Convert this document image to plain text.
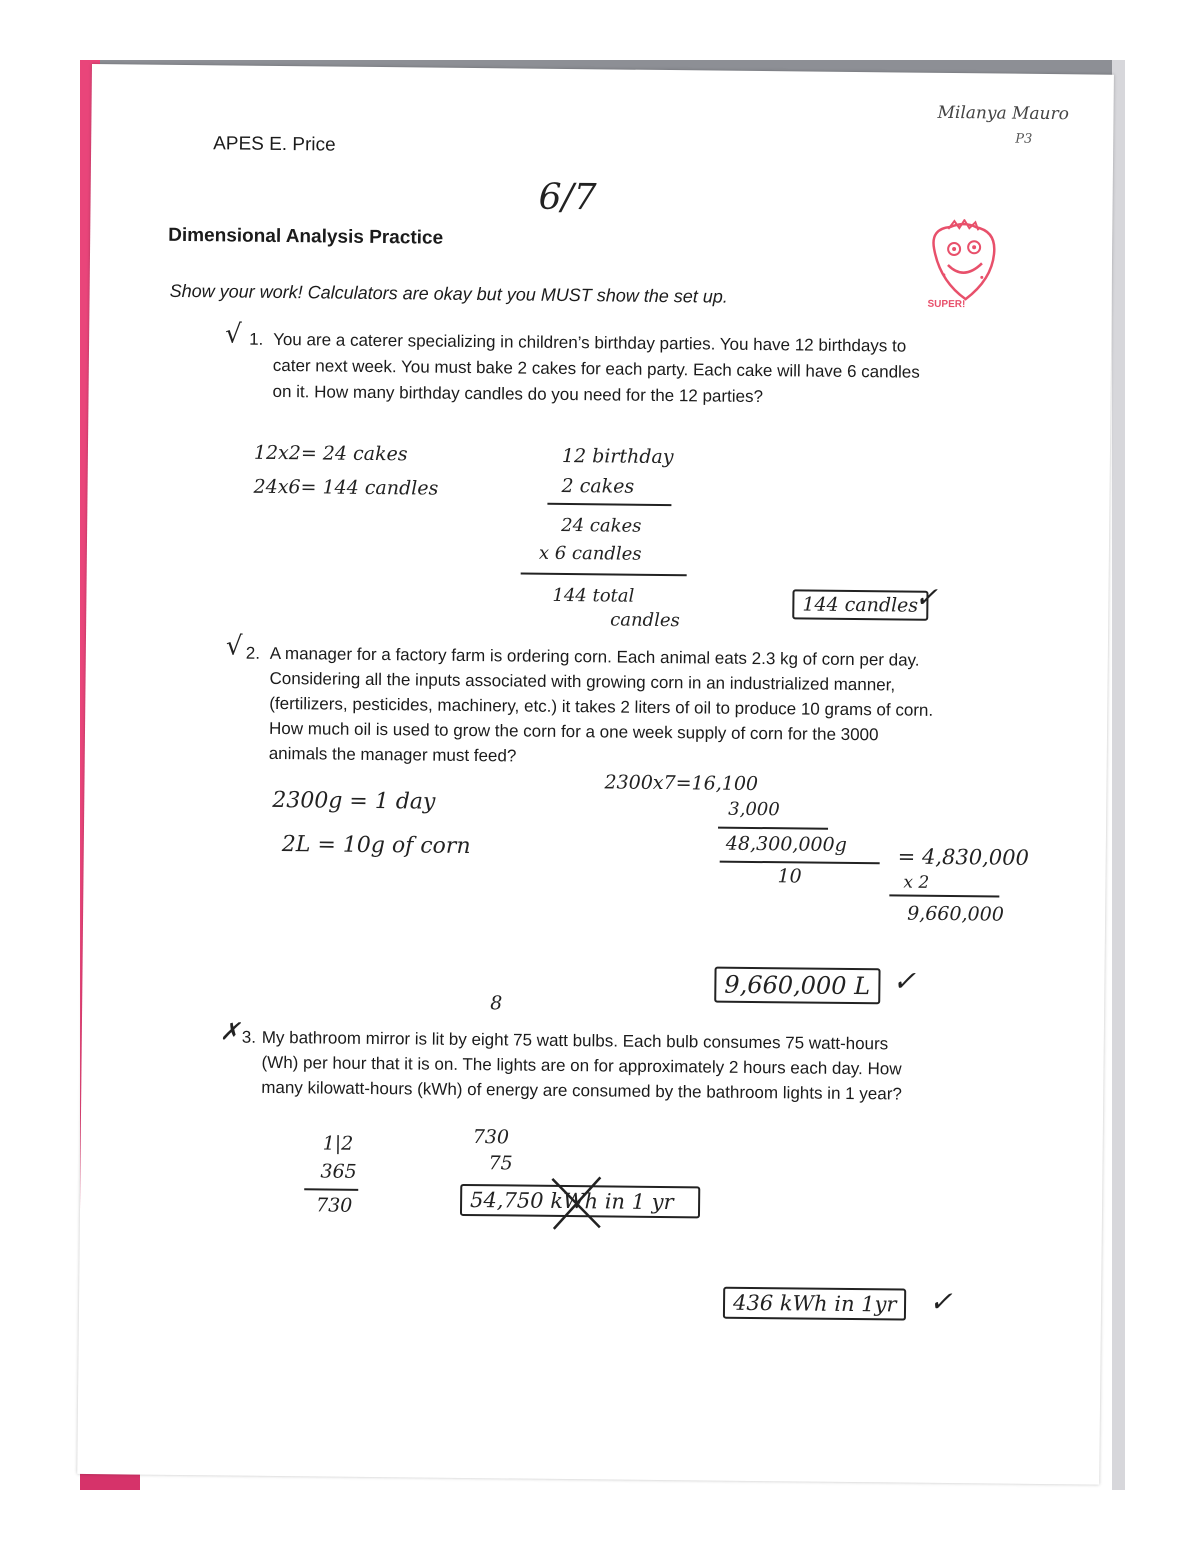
APES E. Price
Milanya Mauro
P3
6/7
SUPER!
Dimensional Analysis Practice
Show your work! Calculators are okay but you MUST show the set up.
√ 1. You are a caterer specializing in children’s birthday parties. You have 12 birthdays to
cater next week. You must bake 2 cakes for each party. Each cake will have 6 candles
on it. How many birthday candles do you need for the 12 parties?
12x2= 24 cakes
24x6= 144 candles
12 birthday
2 cakes
24 cakes
x 6 candles
144 total
candles
144 candles
✓
√ 2. A manager for a factory farm is ordering corn. Each animal eats 2.3 kg of corn per day.
Considering all the inputs associated with growing corn in an industrialized manner,
(fertilizers, pesticides, machinery, etc.) it takes 2 liters of oil to produce 10 grams of corn.
How much oil is used to grow the corn for a one week supply of corn for the 3000
animals the manager must feed?
2300g = 1 day
2L = 10g of corn
2300x7=16,100
3,000
48,300,000g
10
= 4,830,000
x 2
9,660,000
9,660,000 L ✓
8
✗ 3. My bathroom mirror is lit by eight 75 watt bulbs. Each bulb consumes 75 watt-hours
(Wh) per hour that it is on. The lights are on for approximately 2 hours each day. How
many kilowatt-hours (kWh) of energy are consumed by the bathroom lights in 1 year?
1|2
365
730
730
75
54,750 kWh in 1 yr
436 kWh in 1yr	✓
